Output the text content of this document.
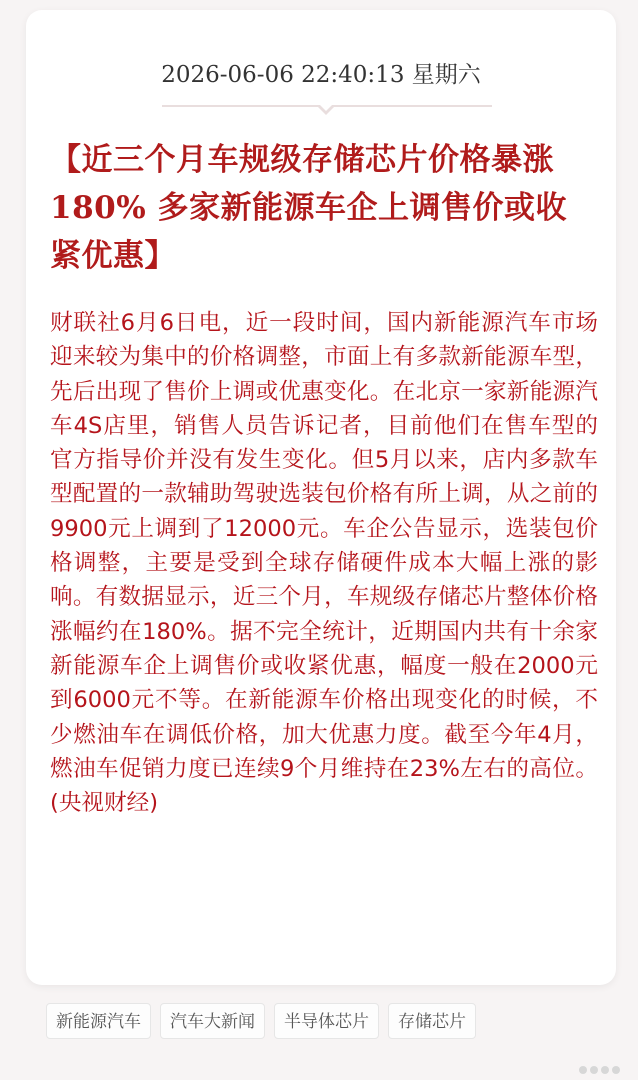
2026-06-06 22:40:13 星期六
【近三个月车规级存储芯片价格暴涨180% 多家新能源车企上调售价或收紧优惠】

财联社6月6日电，近一段时间，国内新能源汽车市场迎来较为集中的价格调整，市面上有多款新能源车型，先后出现了售价上调或优惠变化。在北京一家新能源汽车4S店里，销售人员告诉记者，目前他们在售车型的官方指导价并没有发生变化。但5月以来，店内多款车型配置的一款辅助驾驶选装包价格有所上调，从之前的9900元上调到了12000元。车企公告显示，选装包价格调整，主要是受到全球存储硬件成本大幅上涨的影响。有数据显示，近三个月，车规级存储芯片整体价格涨幅约在180%。据不完全统计，近期国内共有十余家新能源车企上调售价或收紧优惠，幅度一般在2000元到6000元不等。在新能源车价格出现变化的时候，不少燃油车在调低价格，加大优惠力度。截至今年4月，燃油车促销力度已连续9个月维持在23%左右的高位。(央视财经)

新能源汽车	汽车大新闻	半导体芯片	存储芯片
